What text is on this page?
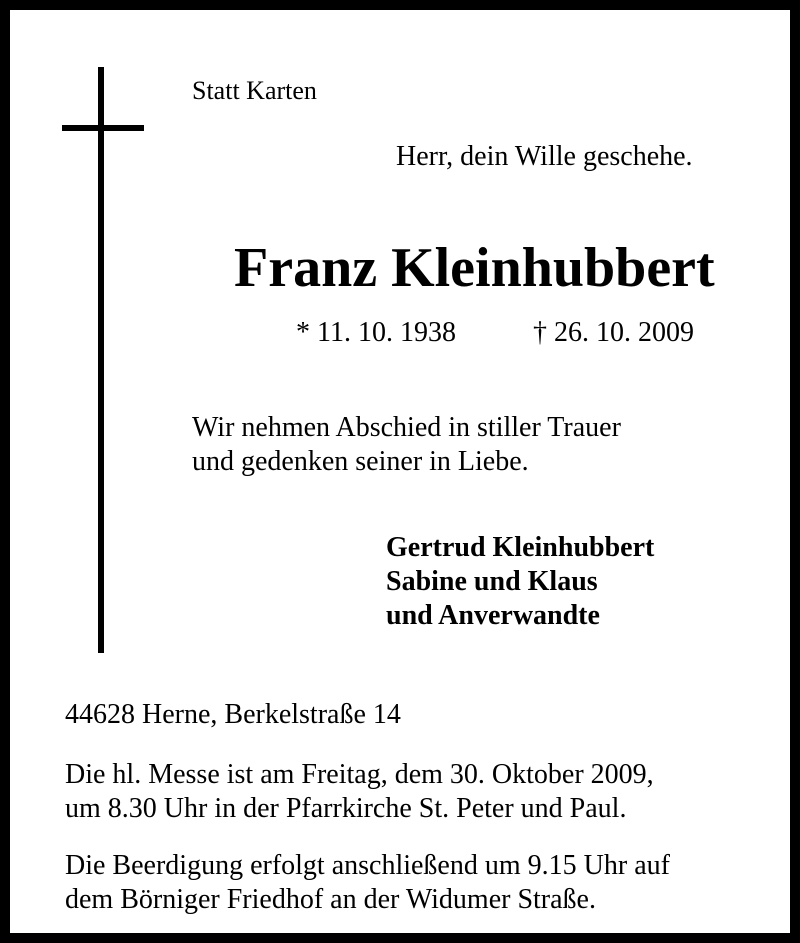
Statt Karten
Herr, dein Wille geschehe.
Franz Kleinhubbert
* 11. 10. 1938	† 26. 10. 2009
Wir nehmen Abschied in stiller Trauer
und gedenken seiner in Liebe.
Gertrud Kleinhubbert
Sabine und Klaus
und Anverwandte
44628 Herne, Berkelstraße 14
Die hl. Messe ist am Freitag, dem 30. Oktober 2009,
um 8.30 Uhr in der Pfarrkirche St. Peter und Paul.
Die Beerdigung erfolgt anschließend um 9.15 Uhr auf
dem Börniger Friedhof an der Widumer Straße.
